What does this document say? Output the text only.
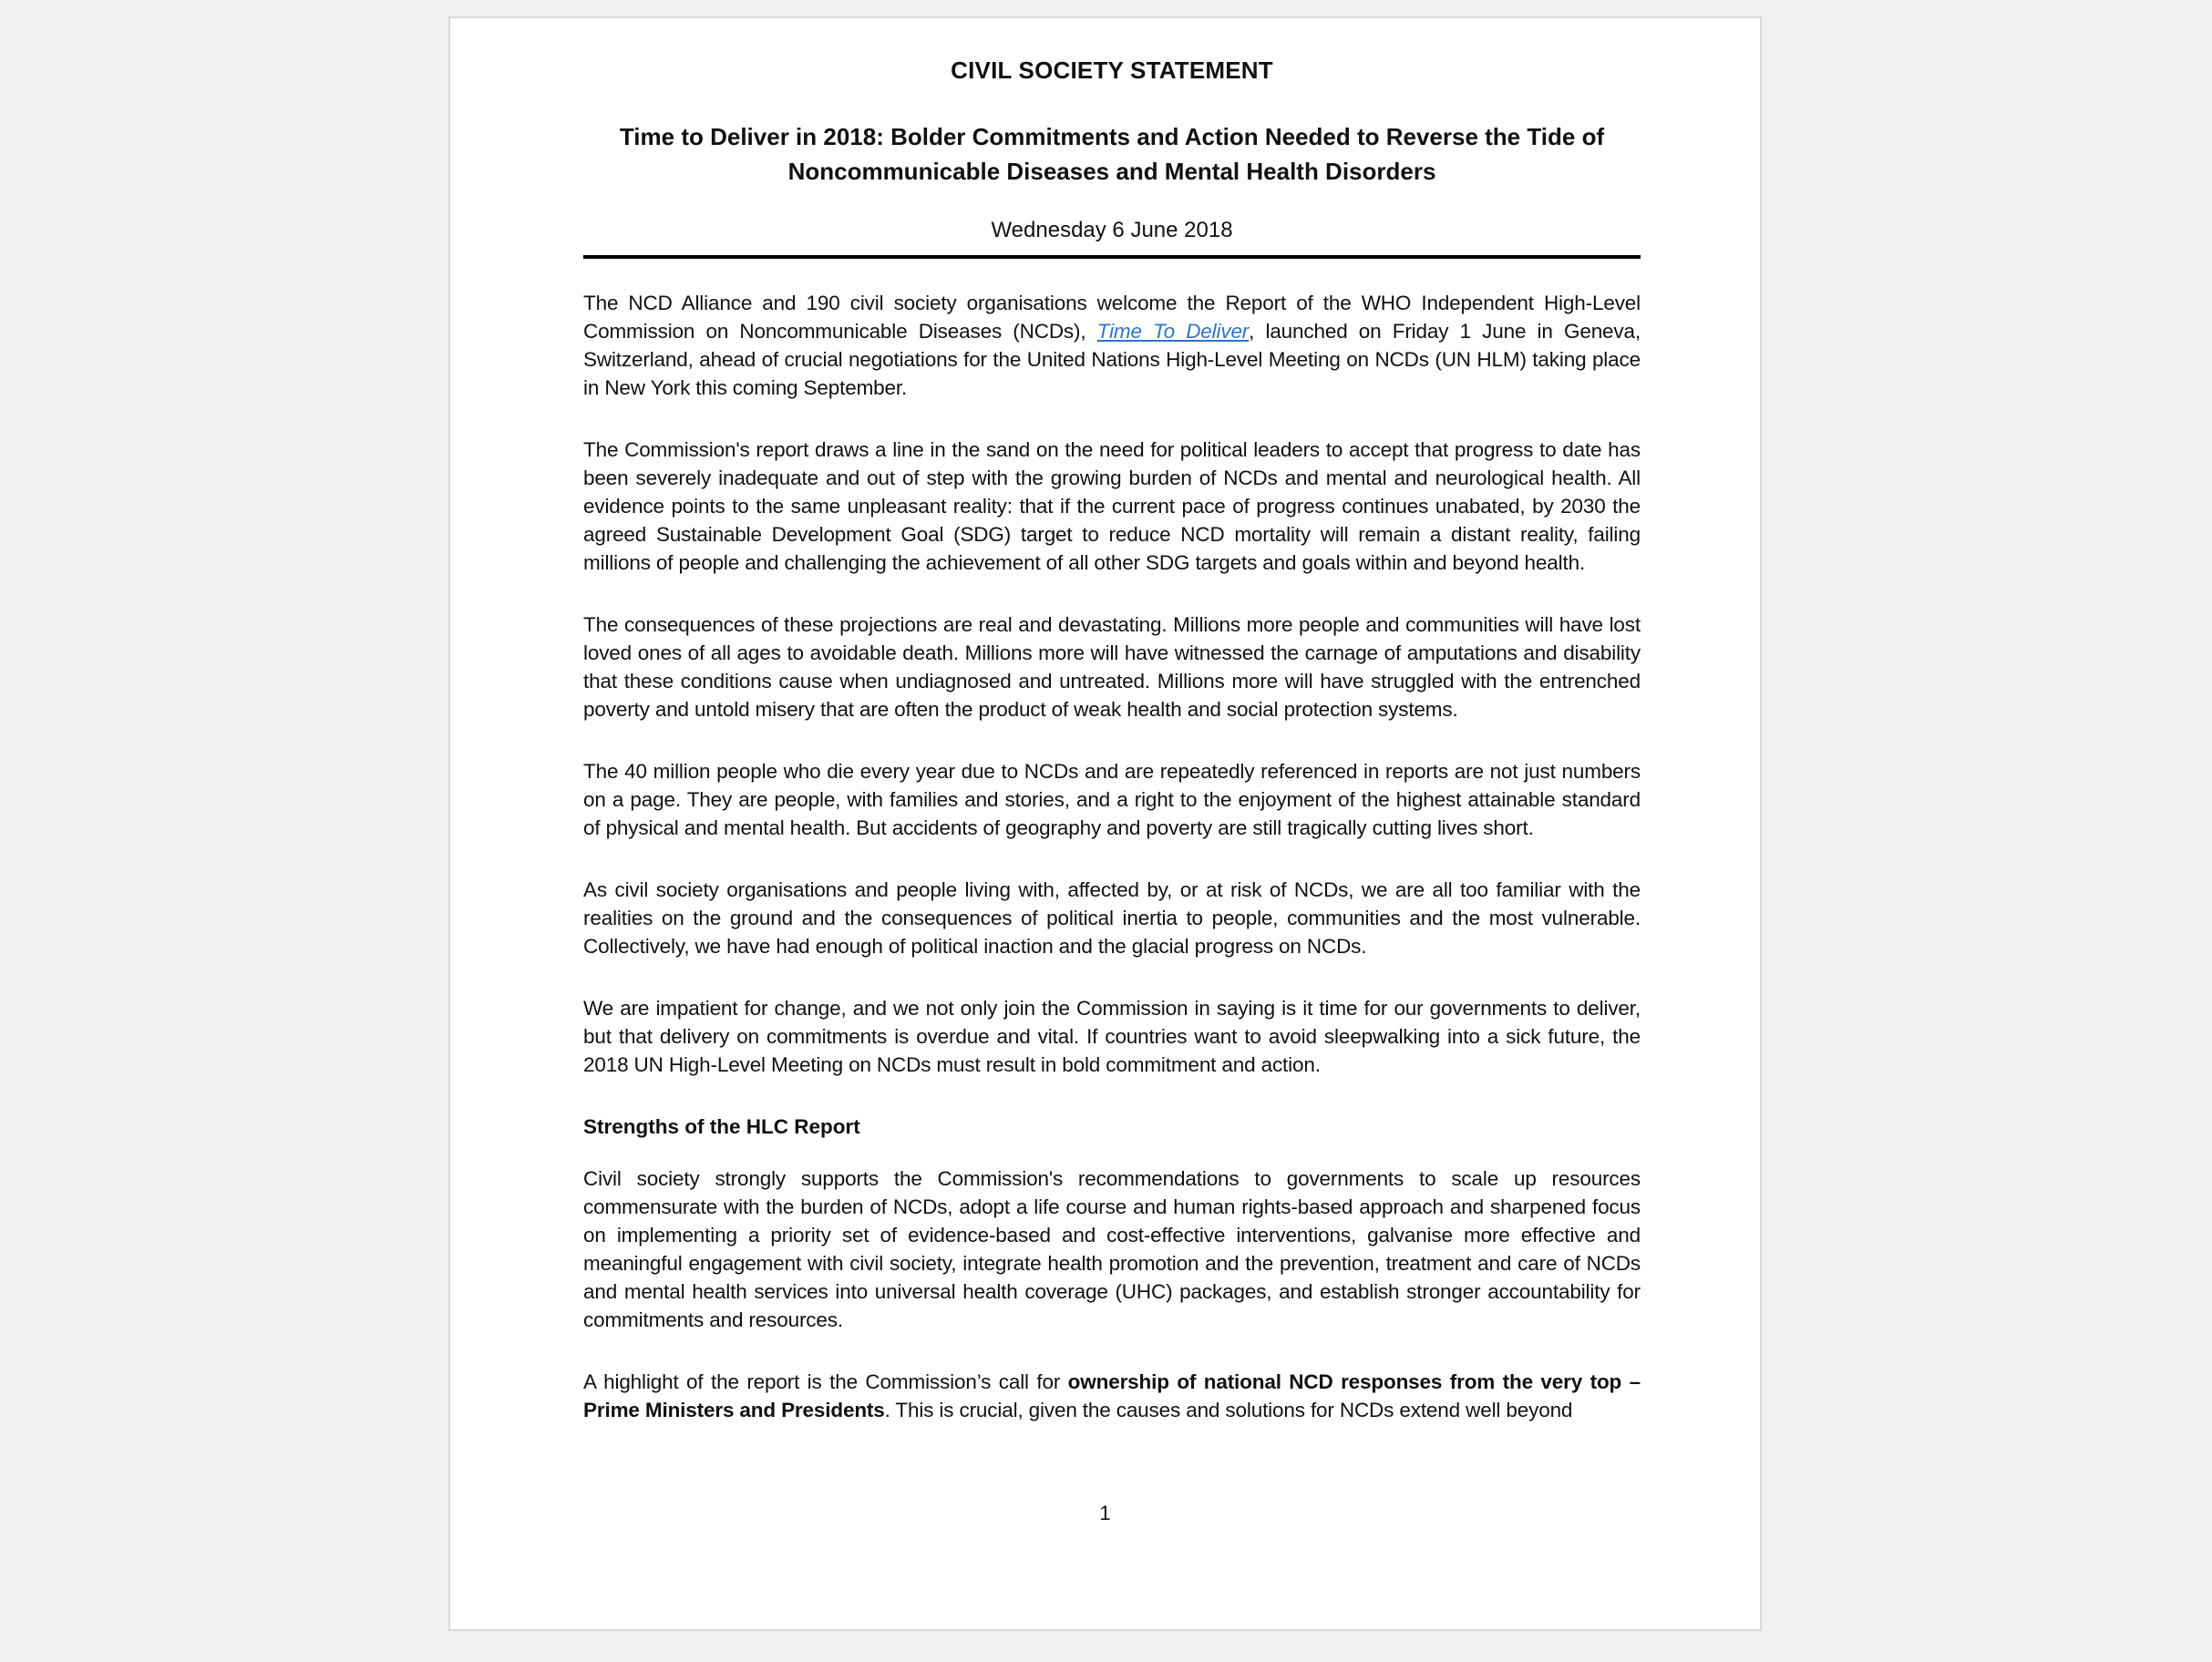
CIVIL SOCIETY STATEMENT
Time to Deliver in 2018: Bolder Commitments and Action Needed to Reverse the Tide of
Noncommunicable Diseases and Mental Health Disorders
Wednesday 6 June 2018

The NCD Alliance and 190 civil society organisations welcome the Report of the WHO Independent High-Level Commission on Noncommunicable Diseases (NCDs), Time To Deliver, launched on Friday 1 June in Geneva, Switzerland, ahead of crucial negotiations for the United Nations High-Level Meeting on NCDs (UN HLM) taking place in New York this coming September.

The Commission's report draws a line in the sand on the need for political leaders to accept that progress to date has been severely inadequate and out of step with the growing burden of NCDs and mental and neurological health. All evidence points to the same unpleasant reality: that if the current pace of progress continues unabated, by 2030 the agreed Sustainable Development Goal (SDG) target to reduce NCD mortality will remain a distant reality, failing millions of people and challenging the achievement of all other SDG targets and goals within and beyond health.

The consequences of these projections are real and devastating. Millions more people and communities will have lost loved ones of all ages to avoidable death. Millions more will have witnessed the carnage of amputations and disability that these conditions cause when undiagnosed and untreated. Millions more will have struggled with the entrenched poverty and untold misery that are often the product of weak health and social protection systems.

The 40 million people who die every year due to NCDs and are repeatedly referenced in reports are not just numbers on a page. They are people, with families and stories, and a right to the enjoyment of the highest attainable standard of physical and mental health. But accidents of geography and poverty are still tragically cutting lives short.

As civil society organisations and people living with, affected by, or at risk of NCDs, we are all too familiar with the realities on the ground and the consequences of political inertia to people, communities and the most vulnerable. Collectively, we have had enough of political inaction and the glacial progress on NCDs.

We are impatient for change, and we not only join the Commission in saying is it time for our governments to deliver, but that delivery on commitments is overdue and vital. If countries want to avoid sleepwalking into a sick future, the 2018 UN High-Level Meeting on NCDs must result in bold commitment and action.

Strengths of the HLC Report

Civil society strongly supports the Commission's recommendations to governments to scale up resources commensurate with the burden of NCDs, adopt a life course and human rights-based approach and sharpened focus on implementing a priority set of evidence-based and cost-effective interventions, galvanise more effective and meaningful engagement with civil society, integrate health promotion and the prevention, treatment and care of NCDs and mental health services into universal health coverage (UHC) packages, and establish stronger accountability for commitments and resources.

A highlight of the report is the Commission’s call for ownership of national NCD responses from the very top – Prime Ministers and Presidents. This is crucial, given the causes and solutions for NCDs extend well beyond

1
